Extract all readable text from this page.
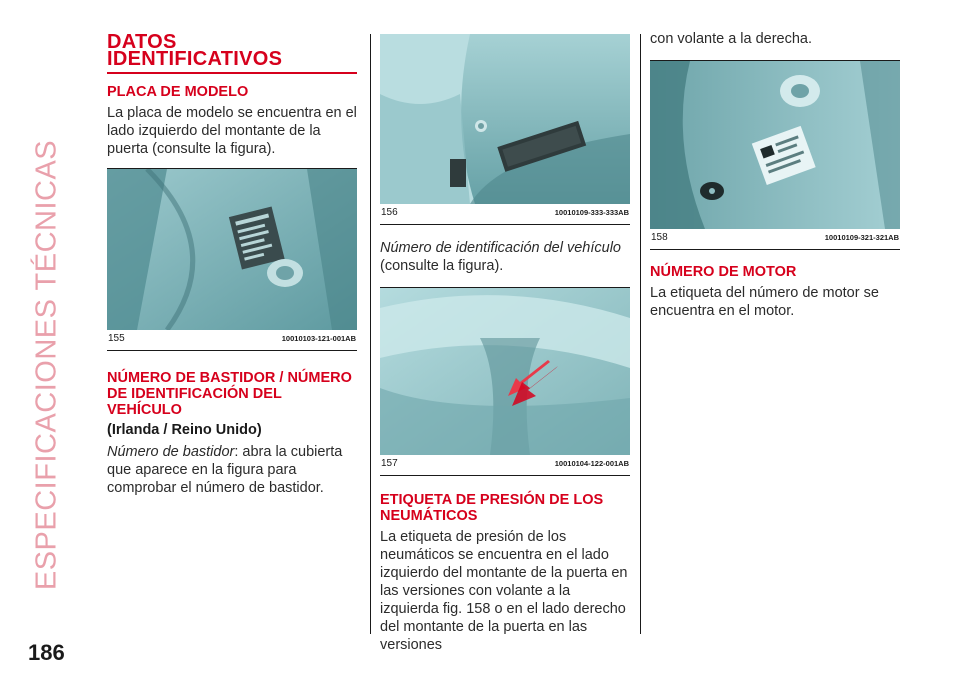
ESPECIFICACIONES TÉCNICAS
186
DATOS
IDENTIFICATIVOS
PLACA DE MODELO

La placa de modelo se encuentra en el lado izquierdo del montante de la puerta (consulte la figura).

155	10010103-121-001AB
NÚMERO DE BASTIDOR / NÚMERO DE IDENTIFICACIÓN DEL VEHÍCULO
(Irlanda / Reino Unido)

Número de bastidor: abra la cubierta que aparece en la figura para comprobar el número de bastidor.

156	10010109-333-333AB

Número de identificación del vehículo
(consulte la figura).

157	10010104-122-001AB
ETIQUETA DE PRESIÓN DE LOS NEUMÁTICOS

La etiqueta de presión de los neumáticos se encuentra en el lado izquierdo del montante de la puerta en las versiones con volante a la izquierda fig. 158 o en el lado derecho del montante de la puerta en las versiones

con volante a la derecha.

158	10010109-321-321AB
NÚMERO DE MOTOR

La etiqueta del número de motor se encuentra en el motor.
